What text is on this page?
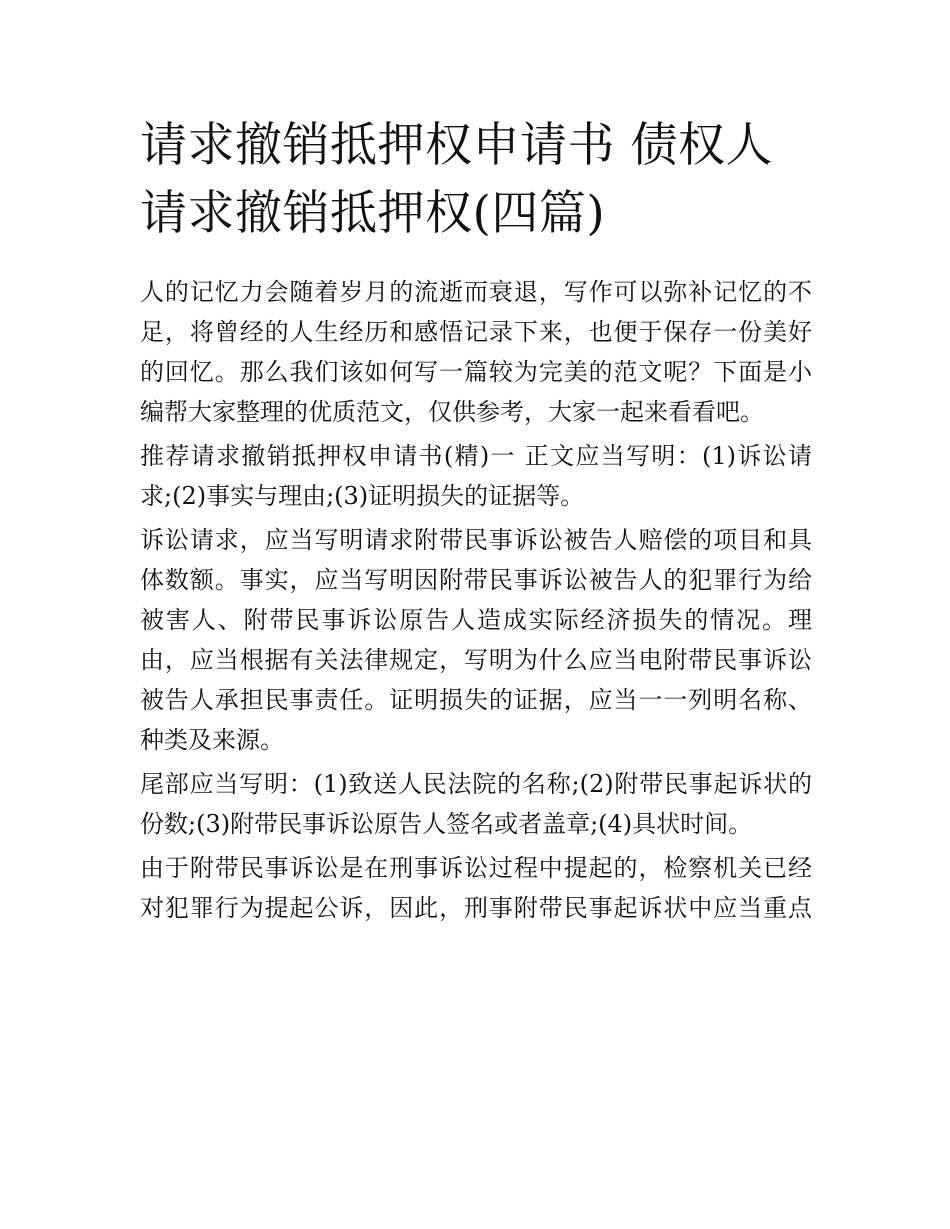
请求撤销抵押权申请书 债权人
请求撤销抵押权(四篇)
人的记忆力会随着岁月的流逝而衰退，写作可以弥补记忆的不
足，将曾经的人生经历和感悟记录下来，也便于保存一份美好
的回忆。那么我们该如何写一篇较为完美的范文呢？下面是小
编帮大家整理的优质范文，仅供参考，大家一起来看看吧。
推荐请求撤销抵押权申请书(精)一 正文应当写明：(1)诉讼请
求;(2)事实与理由;(3)证明损失的证据等。
诉讼请求，应当写明请求附带民事诉讼被告人赔偿的项目和具
体数额。事实，应当写明因附带民事诉讼被告人的犯罪行为给
被害人、附带民事诉讼原告人造成实际经济损失的情况。理
由，应当根据有关法律规定，写明为什么应当电附带民事诉讼
被告人承担民事责任。证明损失的证据，应当一一列明名称、
种类及来源。
尾部应当写明：(1)致送人民法院的名称;(2)附带民事起诉状的
份数;(3)附带民事诉讼原告人签名或者盖章;(4)具状时间。
由于附带民事诉讼是在刑事诉讼过程中提起的，检察机关已经
对犯罪行为提起公诉，因此，刑事附带民事起诉状中应当重点
